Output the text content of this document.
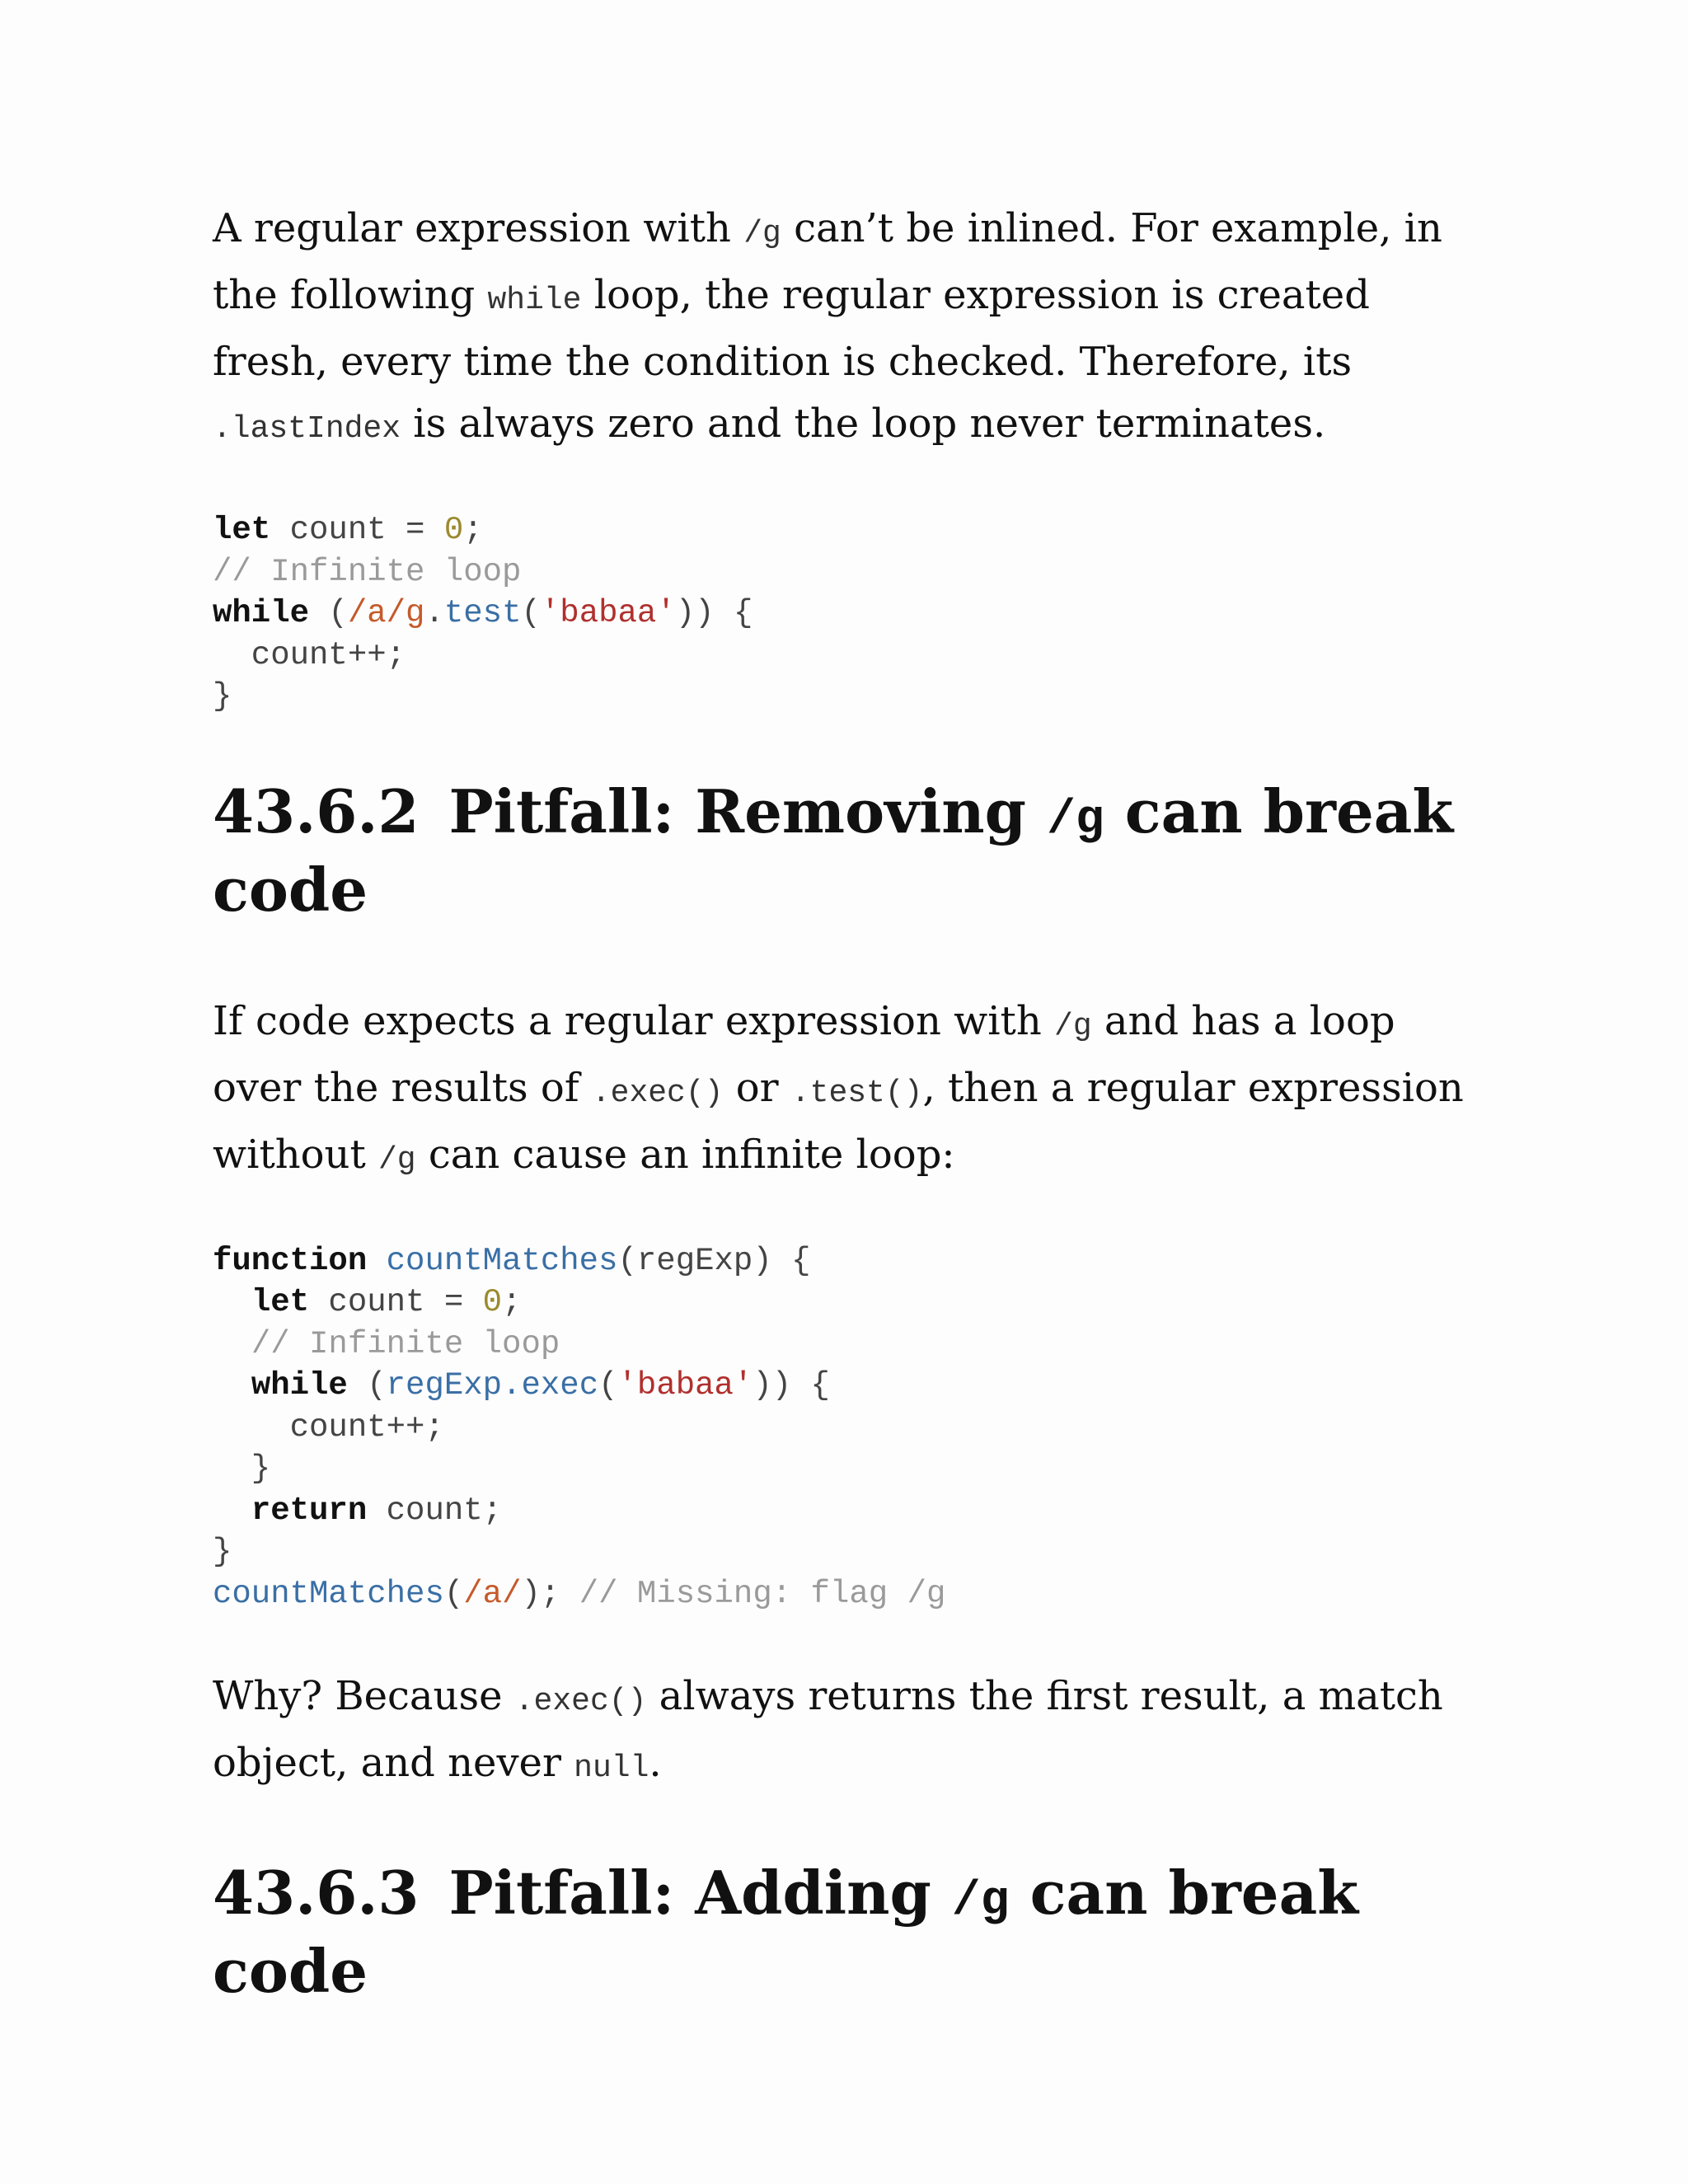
A regular expression with /g can’t be inlined. For example, in the following while loop, the regular expression is created fresh, every time the condition is checked. Therefore, its .lastIndex is always zero and the loop never terminates.

let count = 0;
// Infinite loop
while (/a/g.test('babaa')) {
count++;
}
43.6.2 Pitfall: Removing /g can break code

If code expects a regular expression with /g and has a loop over the results of .exec() or .test(), then a regular expression without /g can cause an infinite loop:

function countMatches(regExp) {
let count = 0;
// Infinite loop
while (regExp.exec('babaa')) {
count++;
}
return count;
}
countMatches(/a/); // Missing: flag /g

Why? Because .exec() always returns the first result, a match object, and never null.

43.6.3 Pitfall: Adding /g can break code
